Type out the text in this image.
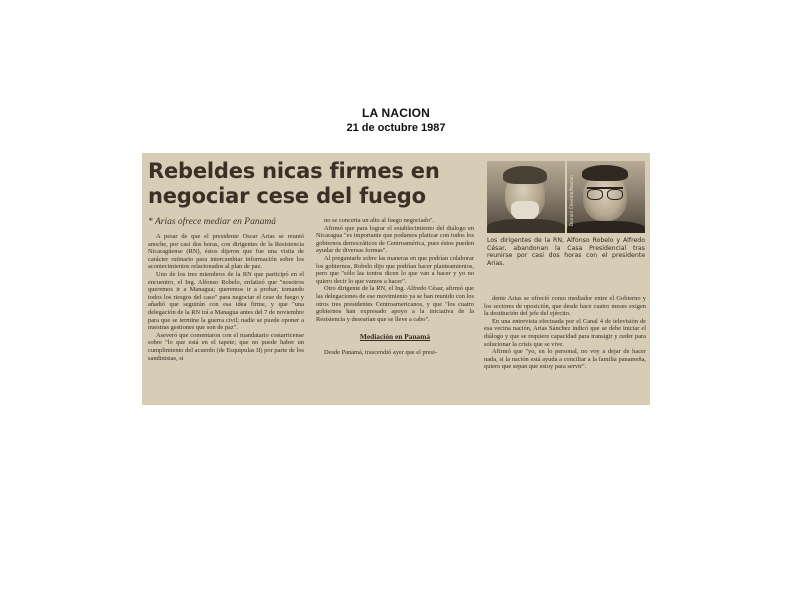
LA NACION
21 de octubre 1987
Rebeldes nicas firmes en negociar cese del fuego
* Arias ofrece mediar en Panamá

A pesar de que el presidente Oscar Arias se reunió anoche, por casi dos horas, con dirigentes de la Resistencia Nicaragüense (RN), éstos dijeron que fue una visita de carácter rutinario para intercambiar información sobre los acontecimientos relacionados al plan de paz.

Uno de los tres miembros de la RN que participó en el encuentro, el Ing. Alfonso Robelo, enfatizó que "nosotros queremos ir a Managua; queremos ir a probar, tomando todos los riesgos del caso" para negociar el cese de fuego y añadió que seguirán con esa idea firme, y que "una delegación de la RN irá a Managua antes del 7 de noviembre para que se termine la guerra civil; nadie se puede oponer a nuestras gestiones que son de paz".

Aseveró que comentaron con el mandatario costarricense sobre "lo que está en el tapete; que no puede haber un cumplimiento del acuerdo (de Esquipulas II) por parte de los sandinistas, si

no se concerta un alto al fuego negociado".

Afirmó que para lograr el establecimiento del diálogo en Nicaragua "es importante que podamos platicar con todos los gobiernos democráticos de Centroamérica, pues éstos pueden ayudar de diversas formas".

Al preguntarle sobre las maneras en que podrían colaborar los gobiernos, Robelo dijo que podrían hacer planteamientos, pero que "sólo las tontos dicen lo que van a hacer y yo no quiero decir lo que vamos a hacer".

Otro dirigente de la RN, el Ing. Alfredo César, afirmó que las delegaciones de ese movimiento ya se han reunido con los otros tres presidentes Centroamericanos, y que "los cuatro gobiernos han expresado apoyo a la iniciativa de la Resistencia y desearían que se lleve a cabo".

Mediación en Panamá

Desde Panamá, trascendió ayer que el presi-

Donald Cheddle/Nacion
Los dirigentes de la RN, Alfonso Robelo y Alfredo César, abandonan la Casa Presidencial tras reunirse por casi dos horas con el presidente Arias.

dente Arias se ofreció como mediador entre el Gobierno y los sectores de oposición, que desde hace cuatro meses exigen la destitución del jefe del ejército.

En una entrevista efectuada por el Canal 4 de televisión de esa vecina nación, Arias Sánchez indicó que se debe iniciar el diálogo y que se requiere capacidad para transigir y ceder para solucionar la crisis que se vive.

Afirmó que "yo, en lo personal, no voy a dejar de hacer nada, si la nación está ayuda a conciliar a la familia panameña, quiero que sepan que estoy para servir".
